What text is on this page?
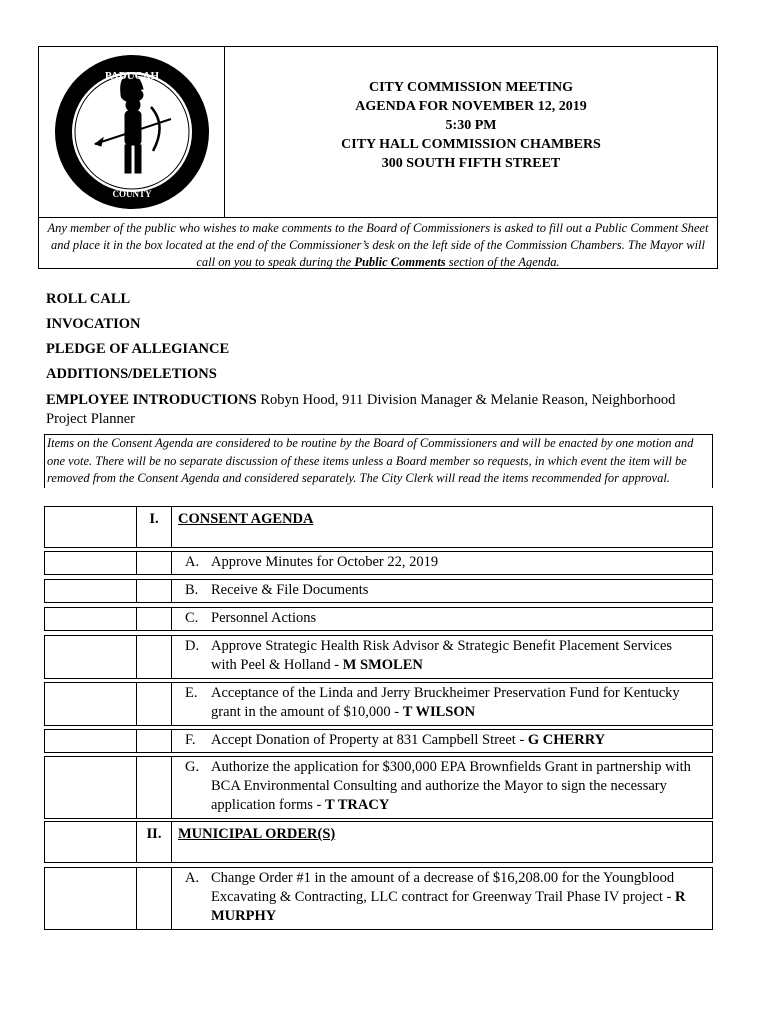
PADUCAH
COUNTY
CITY COMMISSION MEETING
AGENDA FOR NOVEMBER 12, 2019
5:30 PM
CITY HALL COMMISSION CHAMBERS
300 SOUTH FIFTH STREET
Any member of the public who wishes to make comments to the Board of Commissioners is asked to fill out a Public Comment Sheet and place it in the box located at the end of the Commissioner’s desk on the left side of the Commission Chambers. The Mayor will call on you to speak during the Public Comments section of the Agenda.
ROLL CALL
INVOCATION
PLEDGE OF ALLEGIANCE
ADDITIONS/DELETIONS
EMPLOYEE INTRODUCTIONS Robyn Hood, 911 Division Manager & Melanie Reason, Neighborhood Project Planner
Items on the Consent Agenda are considered to be routine by the Board of Commissioners and will be enacted by one motion and one vote. There will be no separate discussion of these items unless a Board member so requests, in which event the item will be removed from the Consent Agenda and considered separately. The City Clerk will read the items recommended for approval.
I.	CONSENT AGENDA
A. Approve Minutes for October 22, 2019
B. Receive & File Documents
C. Personnel Actions
D. Approve Strategic Health Risk Advisor & Strategic Benefit Placement Services with Peel & Holland - M SMOLEN
E. Acceptance of the Linda and Jerry Bruckheimer Preservation Fund for Kentucky grant in the amount of $10,000 - T WILSON
F. Accept Donation of Property at 831 Campbell Street - G CHERRY
G. Authorize the application for $300,000 EPA Brownfields Grant in partnership with BCA Environmental Consulting and authorize the Mayor to sign the necessary application forms - T TRACY
II.	MUNICIPAL ORDER(S)
A. Change Order #1 in the amount of a decrease of $16,208.00 for the Youngblood Excavating & Contracting, LLC contract for Greenway Trail Phase IV project - R MURPHY
